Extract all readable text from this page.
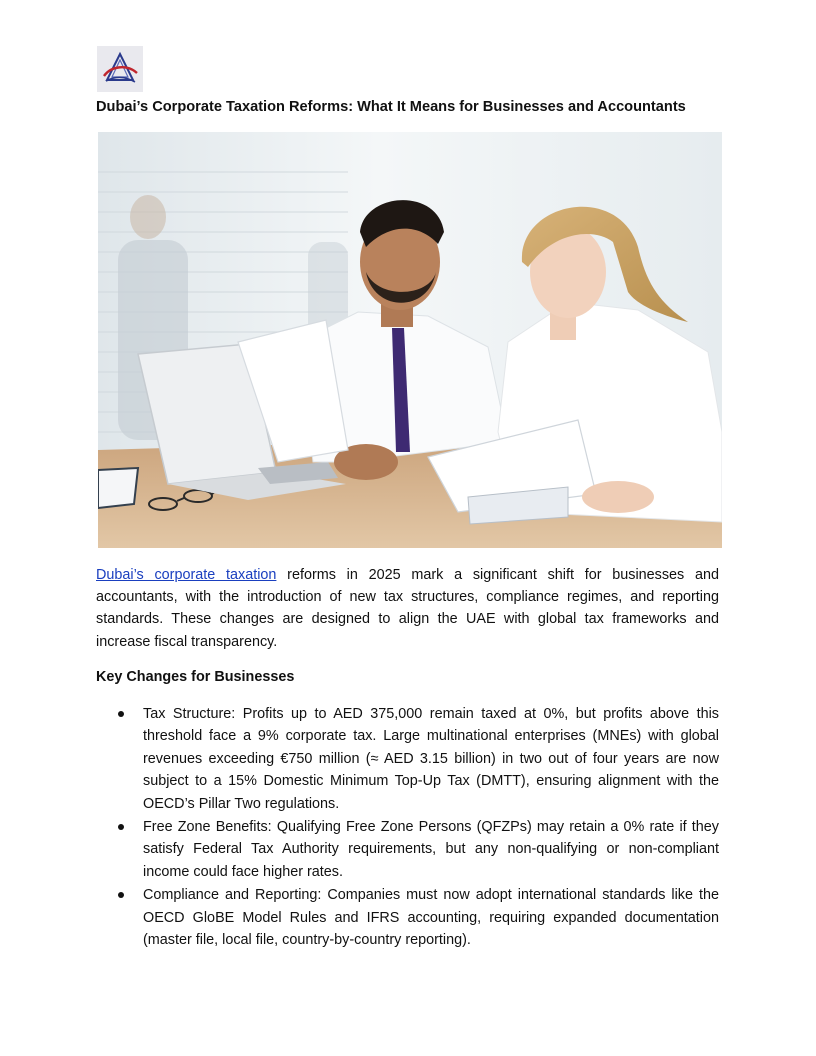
Dubai’s Corporate Taxation Reforms: What It Means for Businesses and Accountants

Dubai’s corporate taxation reforms in 2025 mark a significant shift for businesses and accountants, with the introduction of new tax structures, compliance regimes, and reporting standards. These changes are designed to align the UAE with global tax frameworks and increase fiscal transparency.

Key Changes for Businesses
Tax Structure: Profits up to AED 375,000 remain taxed at 0%, but profits above this threshold face a 9% corporate tax. Large multinational enterprises (MNEs) with global revenues exceeding €750 million (≈ AED 3.15 billion) in two out of four years are now subject to a 15% Domestic Minimum Top-Up Tax (DMTT), ensuring alignment with the OECD’s Pillar Two regulations.
Free Zone Benefits: Qualifying Free Zone Persons (QFZPs) may retain a 0% rate if they satisfy Federal Tax Authority requirements, but any non-qualifying or non-compliant income could face higher rates.
Compliance and Reporting: Companies must now adopt international standards like the OECD GloBE Model Rules and IFRS accounting, requiring expanded documentation (master file, local file, country-by-country reporting).
